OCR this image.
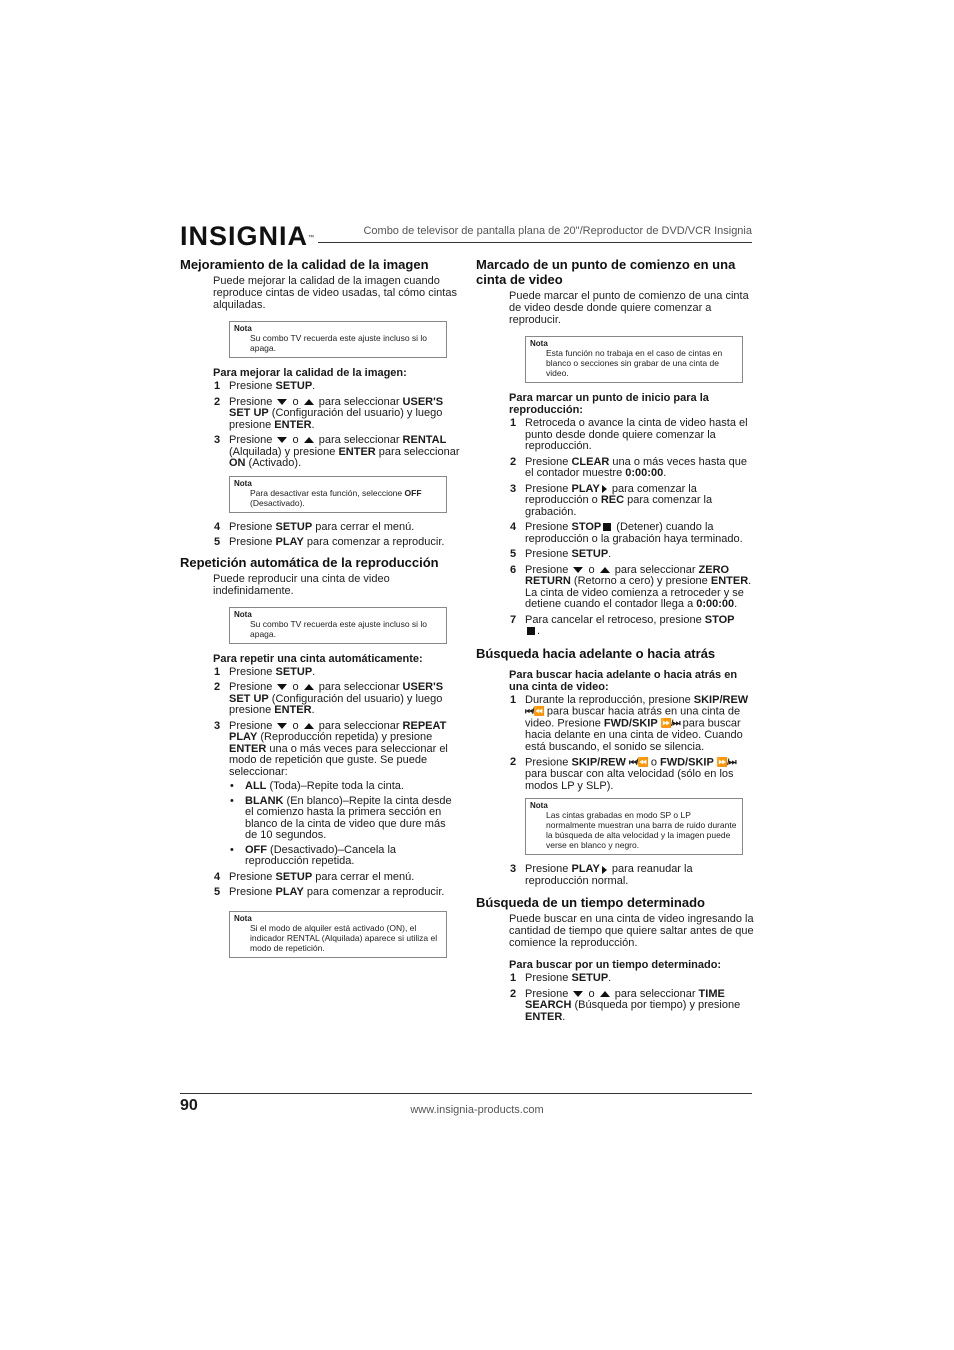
INSIGNIA™
Combo de televisor de pantalla plana de 20"/Reproductor de DVD/VCR Insignia
Mejoramiento de la calidad de la imagen

Puede mejorar la calidad de la imagen cuando reproduce cintas de video usadas, tal cómo cintas alquiladas.

Nota
Su combo TV recuerda este ajuste incluso si lo apaga.
Para mejorar la calidad de la imagen:
1 Presione SETUP.
2 Presione  o  para seleccionar USER'S SET UP (Configuración del usuario) y luego presione ENTER.
3 Presione  o  para seleccionar RENTAL (Alquilada) y presione ENTER para seleccionar ON (Activado).
Nota
Para desactivar esta función, seleccione OFF (Desactivado).
4 Presione SETUP para cerrar el menú.
5 Presione PLAY para comenzar a reproducir.
Repetición automática de la reproducción

Puede reproducir una cinta de video indefinidamente.

Nota
Su combo TV recuerda este ajuste incluso si lo apaga.
Para repetir una cinta automáticamente:
1 Presione SETUP.
2 Presione  o  para seleccionar USER'S SET UP (Configuración del usuario) y luego presione ENTER.
3 Presione  o  para seleccionar REPEAT PLAY (Reproducción repetida) y presione ENTER una o más veces para seleccionar el modo de repetición que guste. Se puede seleccionar:
• ALL (Toda)–Repite toda la cinta.
• BLANK (En blanco)–Repite la cinta desde el comienzo hasta la primera sección en blanco de la cinta de video que dure más de 10 segundos.
• OFF (Desactivado)–Cancela la reproducción repetida.
4 Presione SETUP para cerrar el menú.
5 Presione PLAY para comenzar a reproducir.
Nota
Si el modo de alquiler está activado (ON), el indicador RENTAL (Alquilada) aparece si utiliza el modo de repetición.
Marcado de un punto de comienzo en una cinta de video

Puede marcar el punto de comienzo de una cinta de video desde donde quiere comenzar a reproducir.

Nota
Esta función no trabaja en el caso de cintas en blanco o secciones sin grabar de una cinta de video.
Para marcar un punto de inicio para la reproducción:
1 Retroceda o avance la cinta de video hasta el punto desde donde quiere comenzar la reproducción.
2 Presione CLEAR una o más veces hasta que el contador muestre 0:00:00.
3 Presione PLAY para comenzar la reproducción o REC para comenzar la grabación.
4 Presione STOP (Detener) cuando la reproducción o la grabación haya terminado.
5 Presione SETUP.
6 Presione  o  para seleccionar ZERO RETURN (Retorno a cero) y presione ENTER. La cinta de video comienza a retroceder y se detiene cuando el contador llega a 0:00:00.
7 Para cancelar el retroceso, presione STOP
.
Búsqueda hacia adelante o hacia atrás
Para buscar hacia adelante o hacia atrás en una cinta de video:
1 Durante la reproducción, presione SKIP/REW ⏮/⏪ para buscar hacia atrás en una cinta de video. Presione FWD/SKIP ⏩/⏭ para buscar hacia delante en una cinta de video. Cuando está buscando, el sonido se silencia.
2 Presione SKIP/REW ⏮/⏪ o FWD/SKIP ⏩/⏭ para buscar con alta velocidad (sólo en los modos LP y SLP).
Nota
Las cintas grabadas en modo SP o LP normalmente muestran una barra de ruido durante la búsqueda de alta velocidad y la imagen puede verse en blanco y negro.
3 Presione PLAY para reanudar la reproducción normal.
Búsqueda de un tiempo determinado

Puede buscar en una cinta de video ingresando la cantidad de tiempo que quiere saltar antes de que comience la reproducción.

Para buscar por un tiempo determinado:
1 Presione SETUP.
2 Presione  o  para seleccionar TIME SEARCH (Búsqueda por tiempo) y presione ENTER.
90	www.insignia-products.com
